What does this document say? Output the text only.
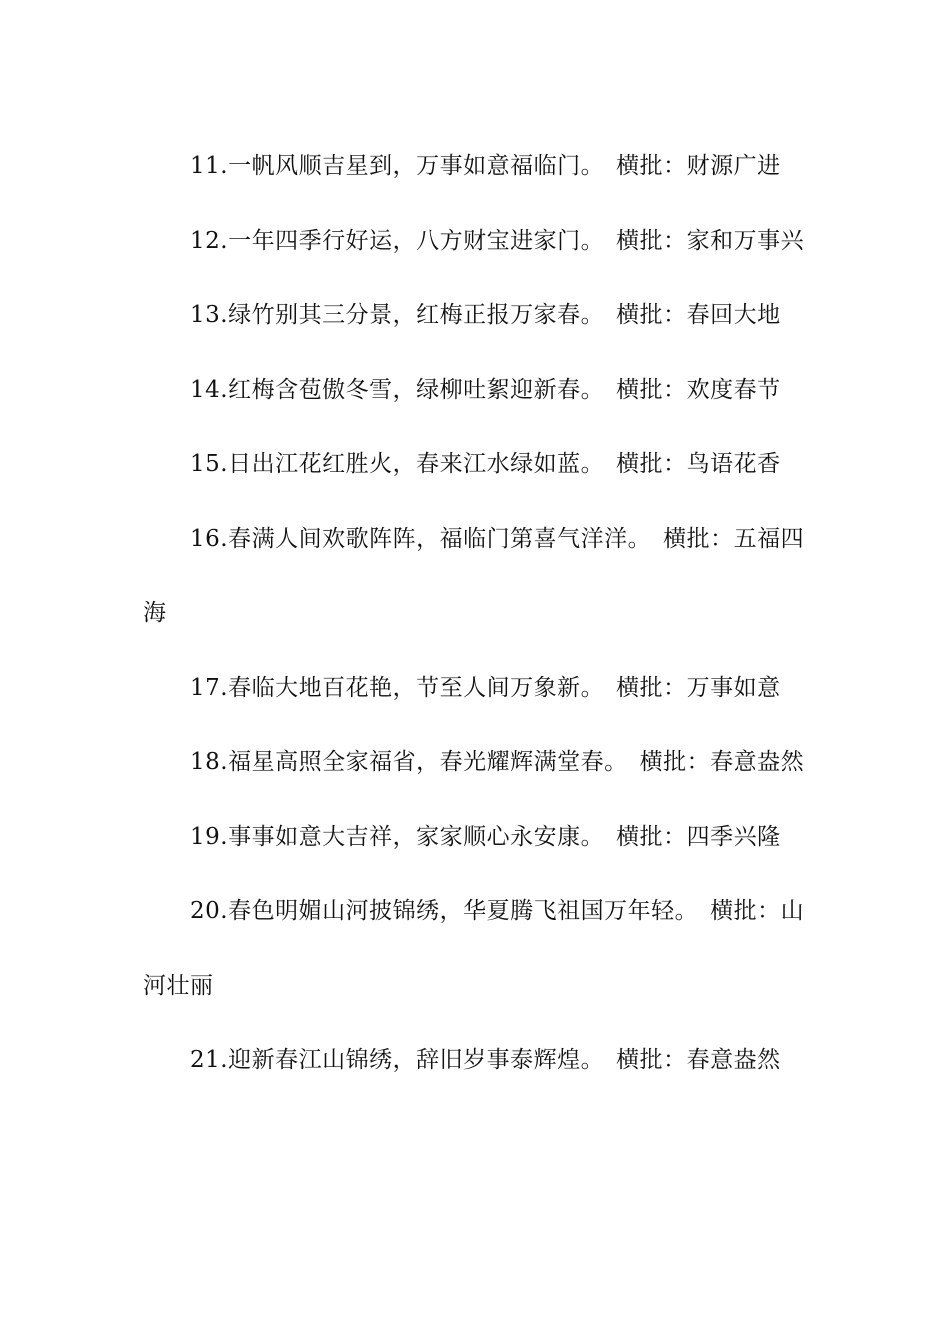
11.一帆风顺吉星到，万事如意福临门。 横批：财源广进

12.一年四季行好运，八方财宝进家门。 横批：家和万事兴

13.绿竹别其三分景，红梅正报万家春。 横批：春回大地

14.红梅含苞傲冬雪，绿柳吐絮迎新春。 横批：欢度春节

15.日出江花红胜火，春来江水绿如蓝。 横批：鸟语花香

16.春满人间欢歌阵阵，福临门第喜气洋洋。 横批：五福四海

17.春临大地百花艳，节至人间万象新。 横批：万事如意

18.福星高照全家福省，春光耀辉满堂春。 横批：春意盎然

19.事事如意大吉祥，家家顺心永安康。 横批：四季兴隆

20.春色明媚山河披锦绣，华夏腾飞祖国万年轻。 横批：山河壮丽

21.迎新春江山锦绣，辞旧岁事泰辉煌。 横批：春意盎然
